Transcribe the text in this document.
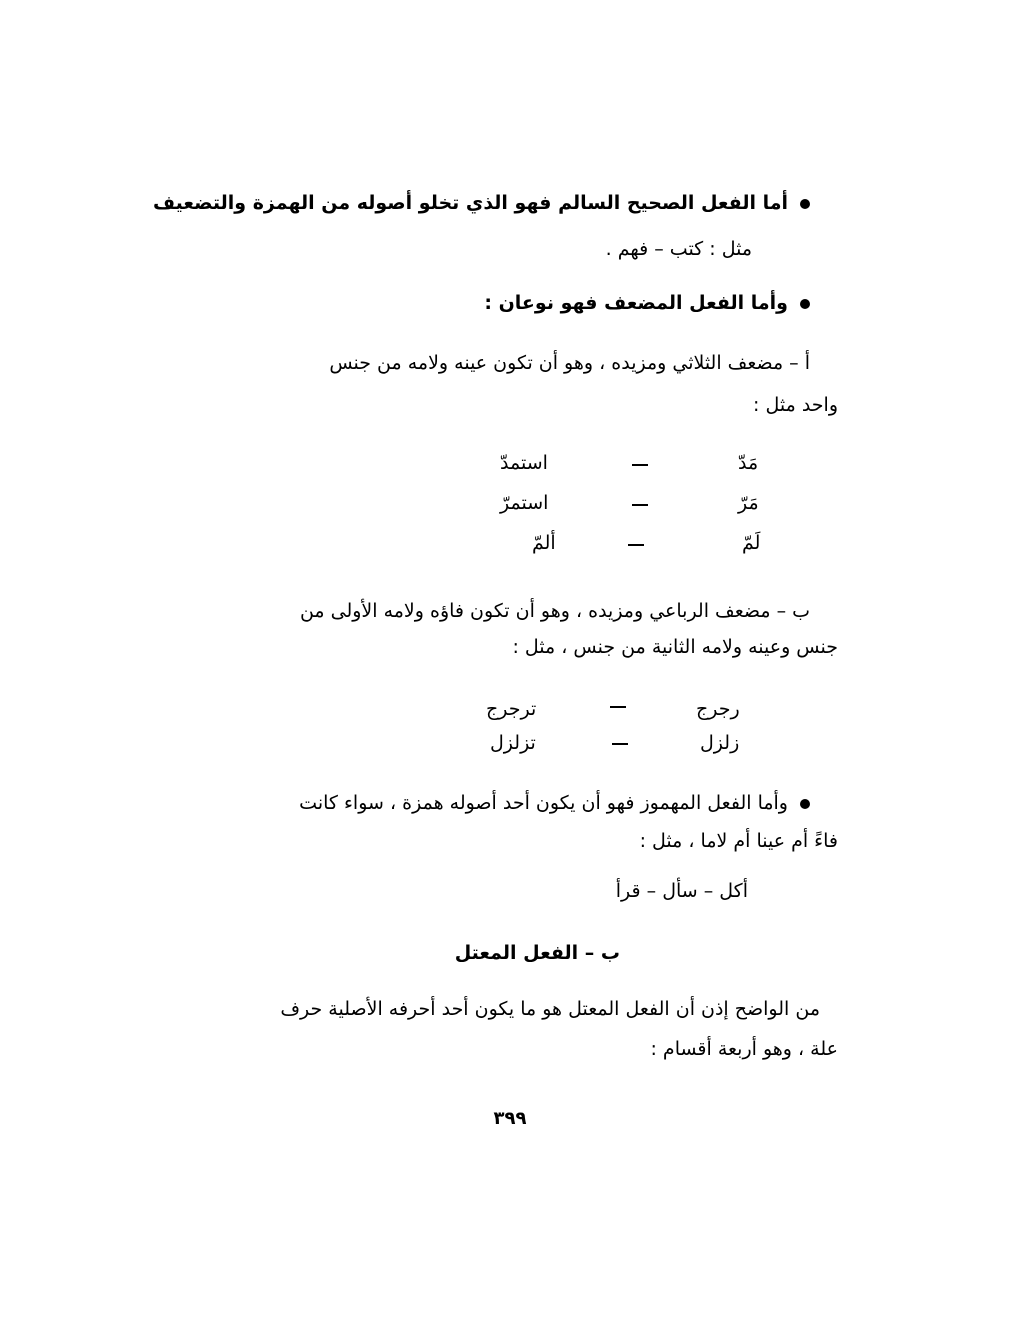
أما الفعل الصحيح السالم فهو الذي تخلو أصوله من الهمزة والتضعيف
مثل : كتب – فهم .
وأما الفعل المضعف فهو نوعان :
أ – مضعف الثلاثي ومزيده ، وهو أن تكون عينه ولامه من جنس
واحد مثل :
مَدّ
استمدّ
مَرّ
استمرّ
لَمّ
ألمّ
ب – مضعف الرباعي ومزيده ، وهو أن تكون فاؤه ولامه الأولى من
جنس وعينه ولامه الثانية من جنس ، مثل :
رجرج
ترجرج
زلزل
تزلزل
وأما الفعل المهموز فهو أن يكون أحد أصوله همزة ، سواء كانت
فاءً أم عينا أم لاما ، مثل :
أكل – سأل – قرأ
ب – الفعل المعتل
من الواضح إذن أن الفعل المعتل هو ما يكون أحد أحرفه الأصلية حرف
علة ، وهو أربعة أقسام :
٣٩٩
